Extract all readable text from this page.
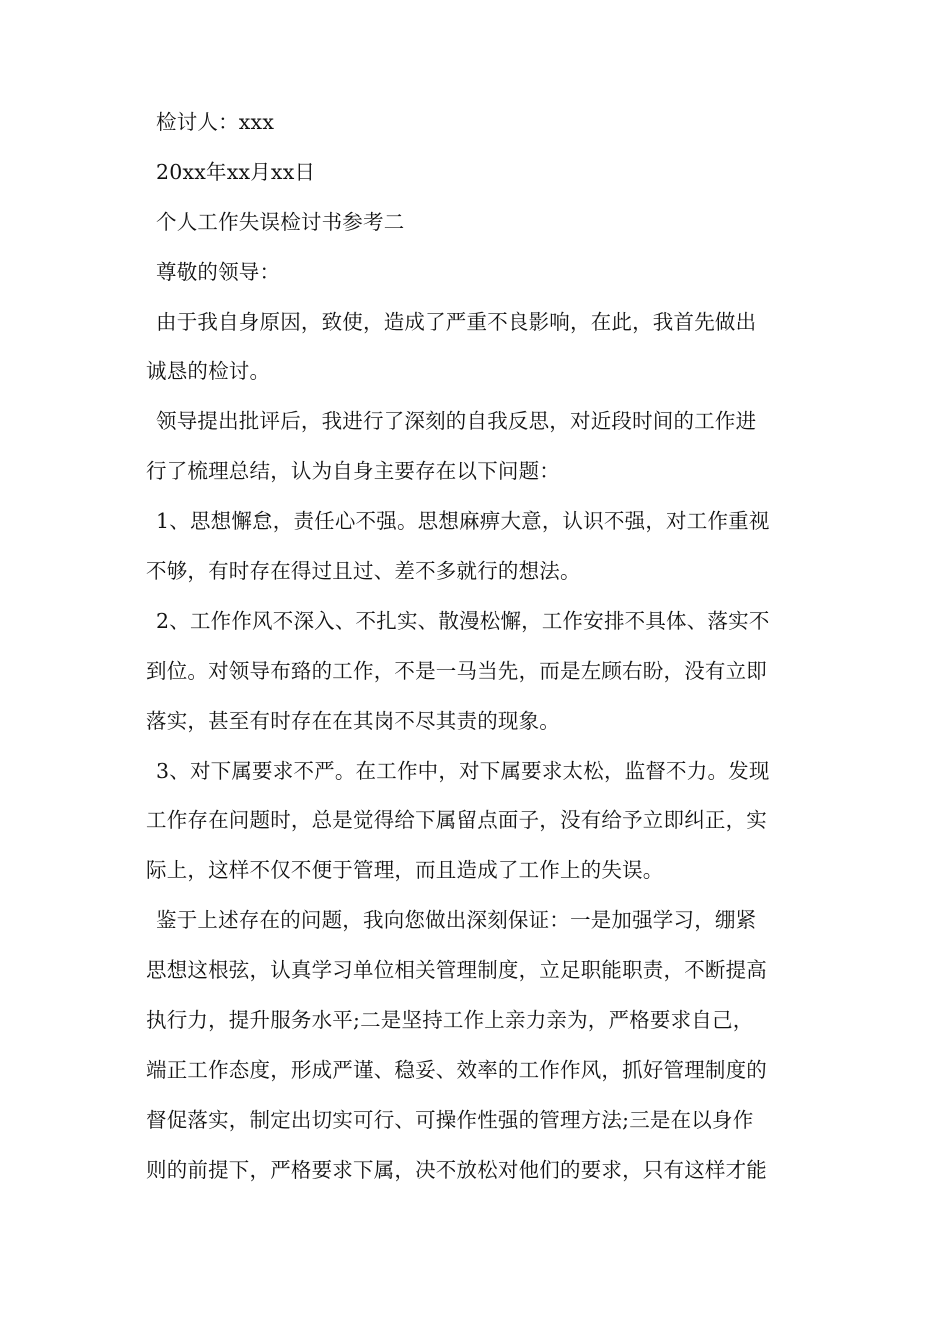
检讨人：xxx
20xx年xx月xx日
个人工作失误检讨书参考二
尊敬的领导：
由于我自身原因，致使，造成了严重不良影响，在此，我首先做出
诚恳的检讨。
领导提出批评后，我进行了深刻的自我反思，对近段时间的工作进
行了梳理总结，认为自身主要存在以下问题：
1、思想懈怠，责任心不强。思想麻痹大意，认识不强，对工作重视
不够，有时存在得过且过、差不多就行的想法。
2、工作作风不深入、不扎实、散漫松懈，工作安排不具体、落实不
到位。对领导布臵的工作，不是一马当先，而是左顾右盼，没有立即
落实，甚至有时存在在其岗不尽其责的现象。
3、对下属要求不严。在工作中，对下属要求太松，监督不力。发现
工作存在问题时，总是觉得给下属留点面子，没有给予立即纠正，实
际上，这样不仅不便于管理，而且造成了工作上的失误。
鉴于上述存在的问题，我向您做出深刻保证：一是加强学习，绷紧
思想这根弦，认真学习单位相关管理制度，立足职能职责，不断提高
执行力，提升服务水平;二是坚持工作上亲力亲为，严格要求自己，
端正工作态度，形成严谨、稳妥、效率的工作作风，抓好管理制度的
督促落实，制定出切实可行、可操作性强的管理方法;三是在以身作
则的前提下，严格要求下属，决不放松对他们的要求，只有这样才能
